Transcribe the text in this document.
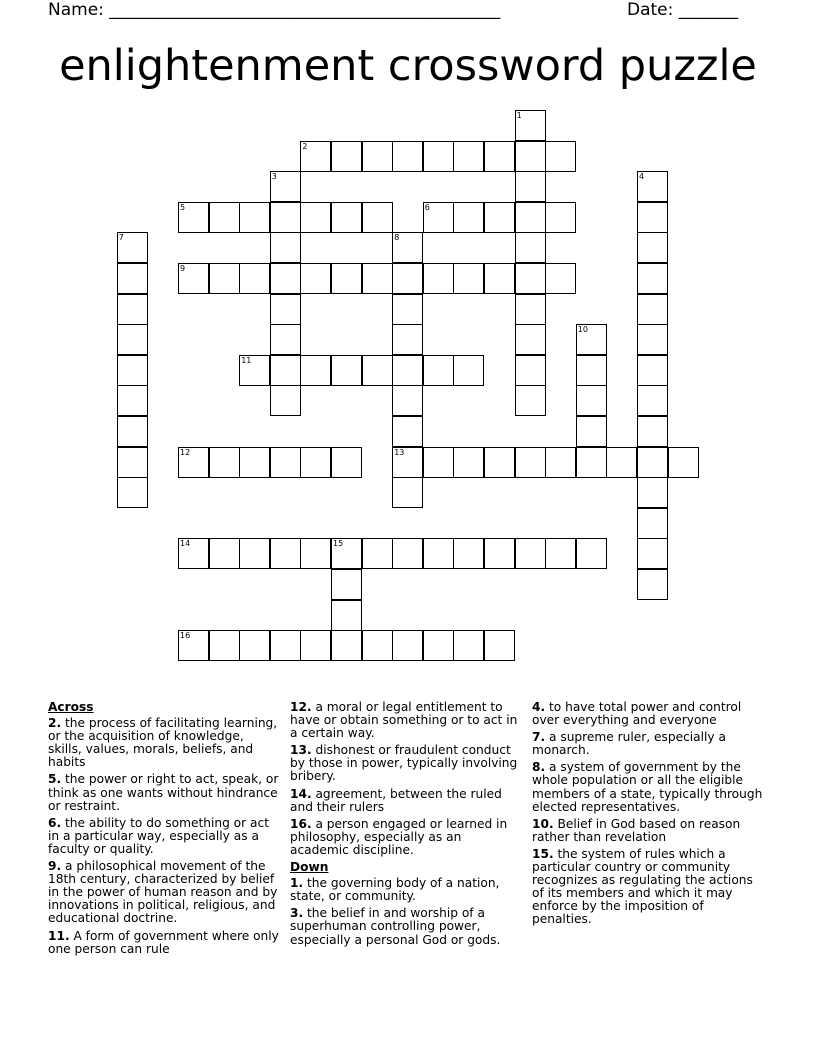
Name: ______________________________________________	Date: _______
enlightenment crossword puzzle
1
2
3	4
5	6
7	8
13
9
10
11
12
14	15
16
Across
2. the process of facilitating learning, or the acquisition of knowledge, skills, values, morals, beliefs, and habits
5. the power or right to act, speak, or think as one wants without hindrance or restraint.
6. the ability to do something or act in a particular way, especially as a faculty or quality.
9. a philosophical movement of the 18th century, characterized by belief in the power of human reason and by innovations in political, religious, and educational doctrine.
11. A form of government where only one person can rule
12. a moral or legal entitlement to have or obtain something or to act in a certain way.
13. dishonest or fraudulent conduct by those in power, typically involving bribery.
14. agreement, between the ruled and their rulers
16. a person engaged or learned in philosophy, especially as an academic discipline.
Down
1. the governing body of a nation, state, or community.
3. the belief in and worship of a superhuman controlling power, especially a personal God or gods.
4. to have total power and control over everything and everyone
7. a supreme ruler, especially a monarch.
8. a system of government by the whole population or all the eligible members of a state, typically through elected representatives.
10. Belief in God based on reason rather than revelation
15. the system of rules which a particular country or community recognizes as regulating the actions of its members and which it may enforce by the imposition of penalties.
